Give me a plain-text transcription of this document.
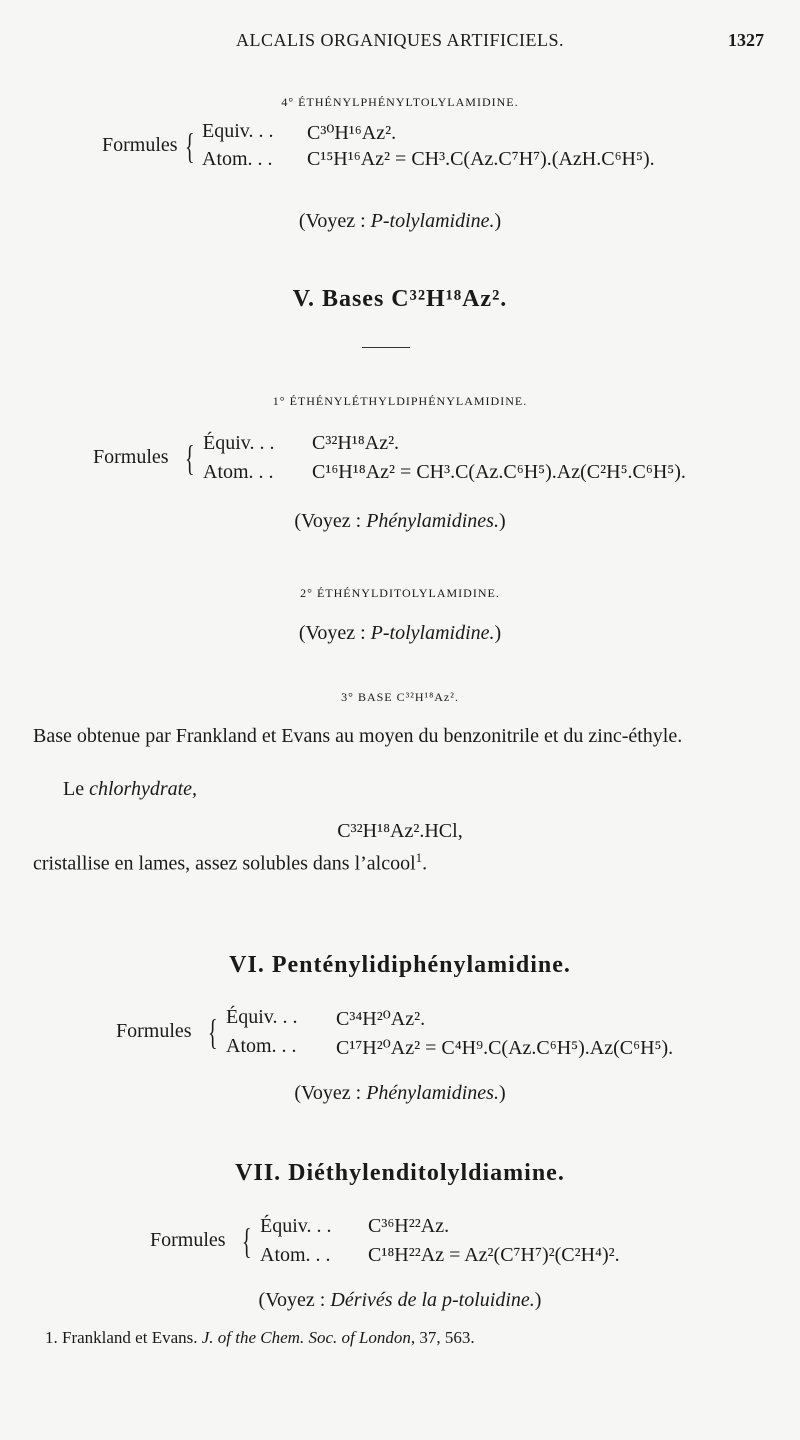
ALCALIS ORGANIQUES ARTIFICIELS.	1327
4° ÉTHÉNYLPHÉNYLTOLYLAMIDINE.
Formules { Equiv. . . C³⁰H¹⁶Az².
Atom. . . C¹⁵H¹⁶Az² = CH³.C(Az.C⁷H⁷).(AzH.C⁶H⁵).
(Voyez : P-tolylamidine.)
V. Bases C³²H¹⁸Az².
1° ÉTHÉNYLÉTHYLDIPHÉNYLAMIDINE.
Formules { Équiv. . . C³²H¹⁸Az².
Atom. . . C¹⁶H¹⁸Az² = CH³.C(Az.C⁶H⁵).Az(C²H⁵.C⁶H⁵).
(Voyez : Phénylamidines.)
2° ÉTHÉNYLDITOLYLAMIDINE.
(Voyez : P-tolylamidine.)
3° BASE C³²H¹⁸Az².
Base obtenue par Frankland et Evans au moyen du benzonitrile et du zinc-éthyle.
Le chlorhydrate,
C³²H¹⁸Az².HCl,
cristallise en lames, assez solubles dans l’alcool$^1$.
VI. Penténylidiphénylamidine.
Formules { Équiv. . . C³⁴H²⁰Az².
Atom. . . C¹⁷H²⁰Az² = C⁴H⁹.C(Az.C⁶H⁵).Az(C⁶H⁵).
(Voyez : Phénylamidines.)
VII. Diéthylenditolyldiamine.
Formules { Équiv. . . C³⁶H²²Az.
Atom. . . C¹⁸H²²Az = Az²(C⁷H⁷)²(C²H⁴)².
(Voyez : Dérivés de la p-toluidine.)
1. Frankland et Evans. J. of the Chem. Soc. of London, 37, 563.
